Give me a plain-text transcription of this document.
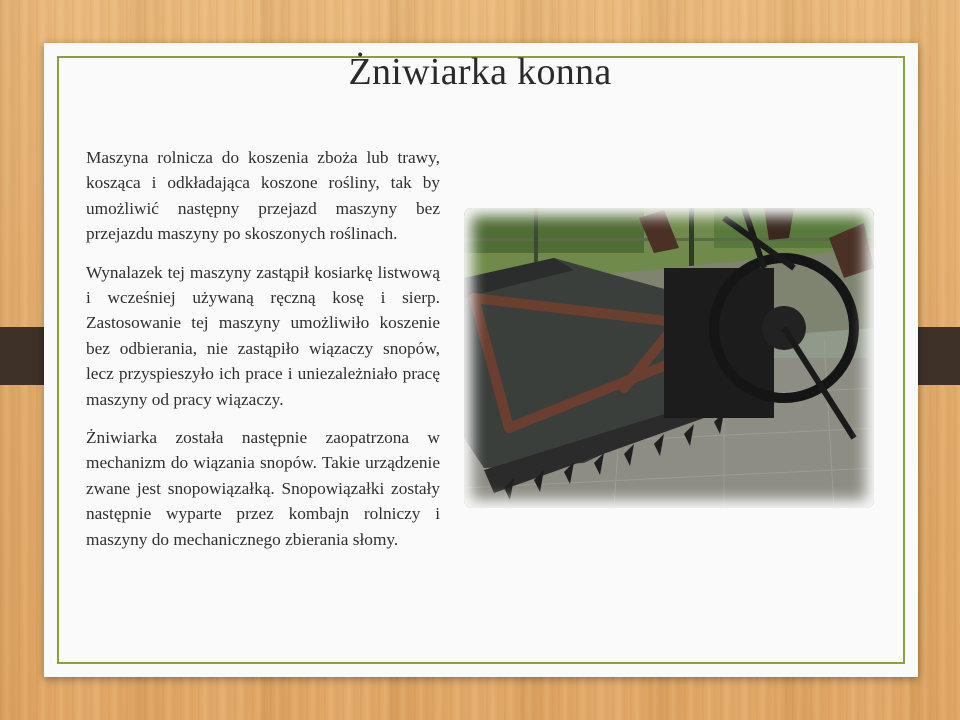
Żniwiarka konna

Maszyna rolnicza do koszenia zboża lub trawy, kosząca i odkładająca koszone rośliny, tak by umożliwić następny przejazd maszyny bez przejazdu maszyny po skoszonych roślinach.

Wynalazek tej maszyny zastąpił kosiarkę listwową i wcześniej używaną ręczną kosę i sierp. Zastosowanie tej maszyny umożliwiło koszenie bez odbierania, nie zastąpiło wiązaczy snopów, lecz przyspieszyło ich prace i uniezależniało pracę maszyny od pracy wiązaczy.

Żniwiarka została następnie zaopatrzona w mechanizm do wiązania snopów. Takie urządzenie zwane jest snopowiązałką. Snopowiązałki zostały następnie wyparte przez kombajn rolniczy i maszyny do mechanicznego zbierania słomy.
